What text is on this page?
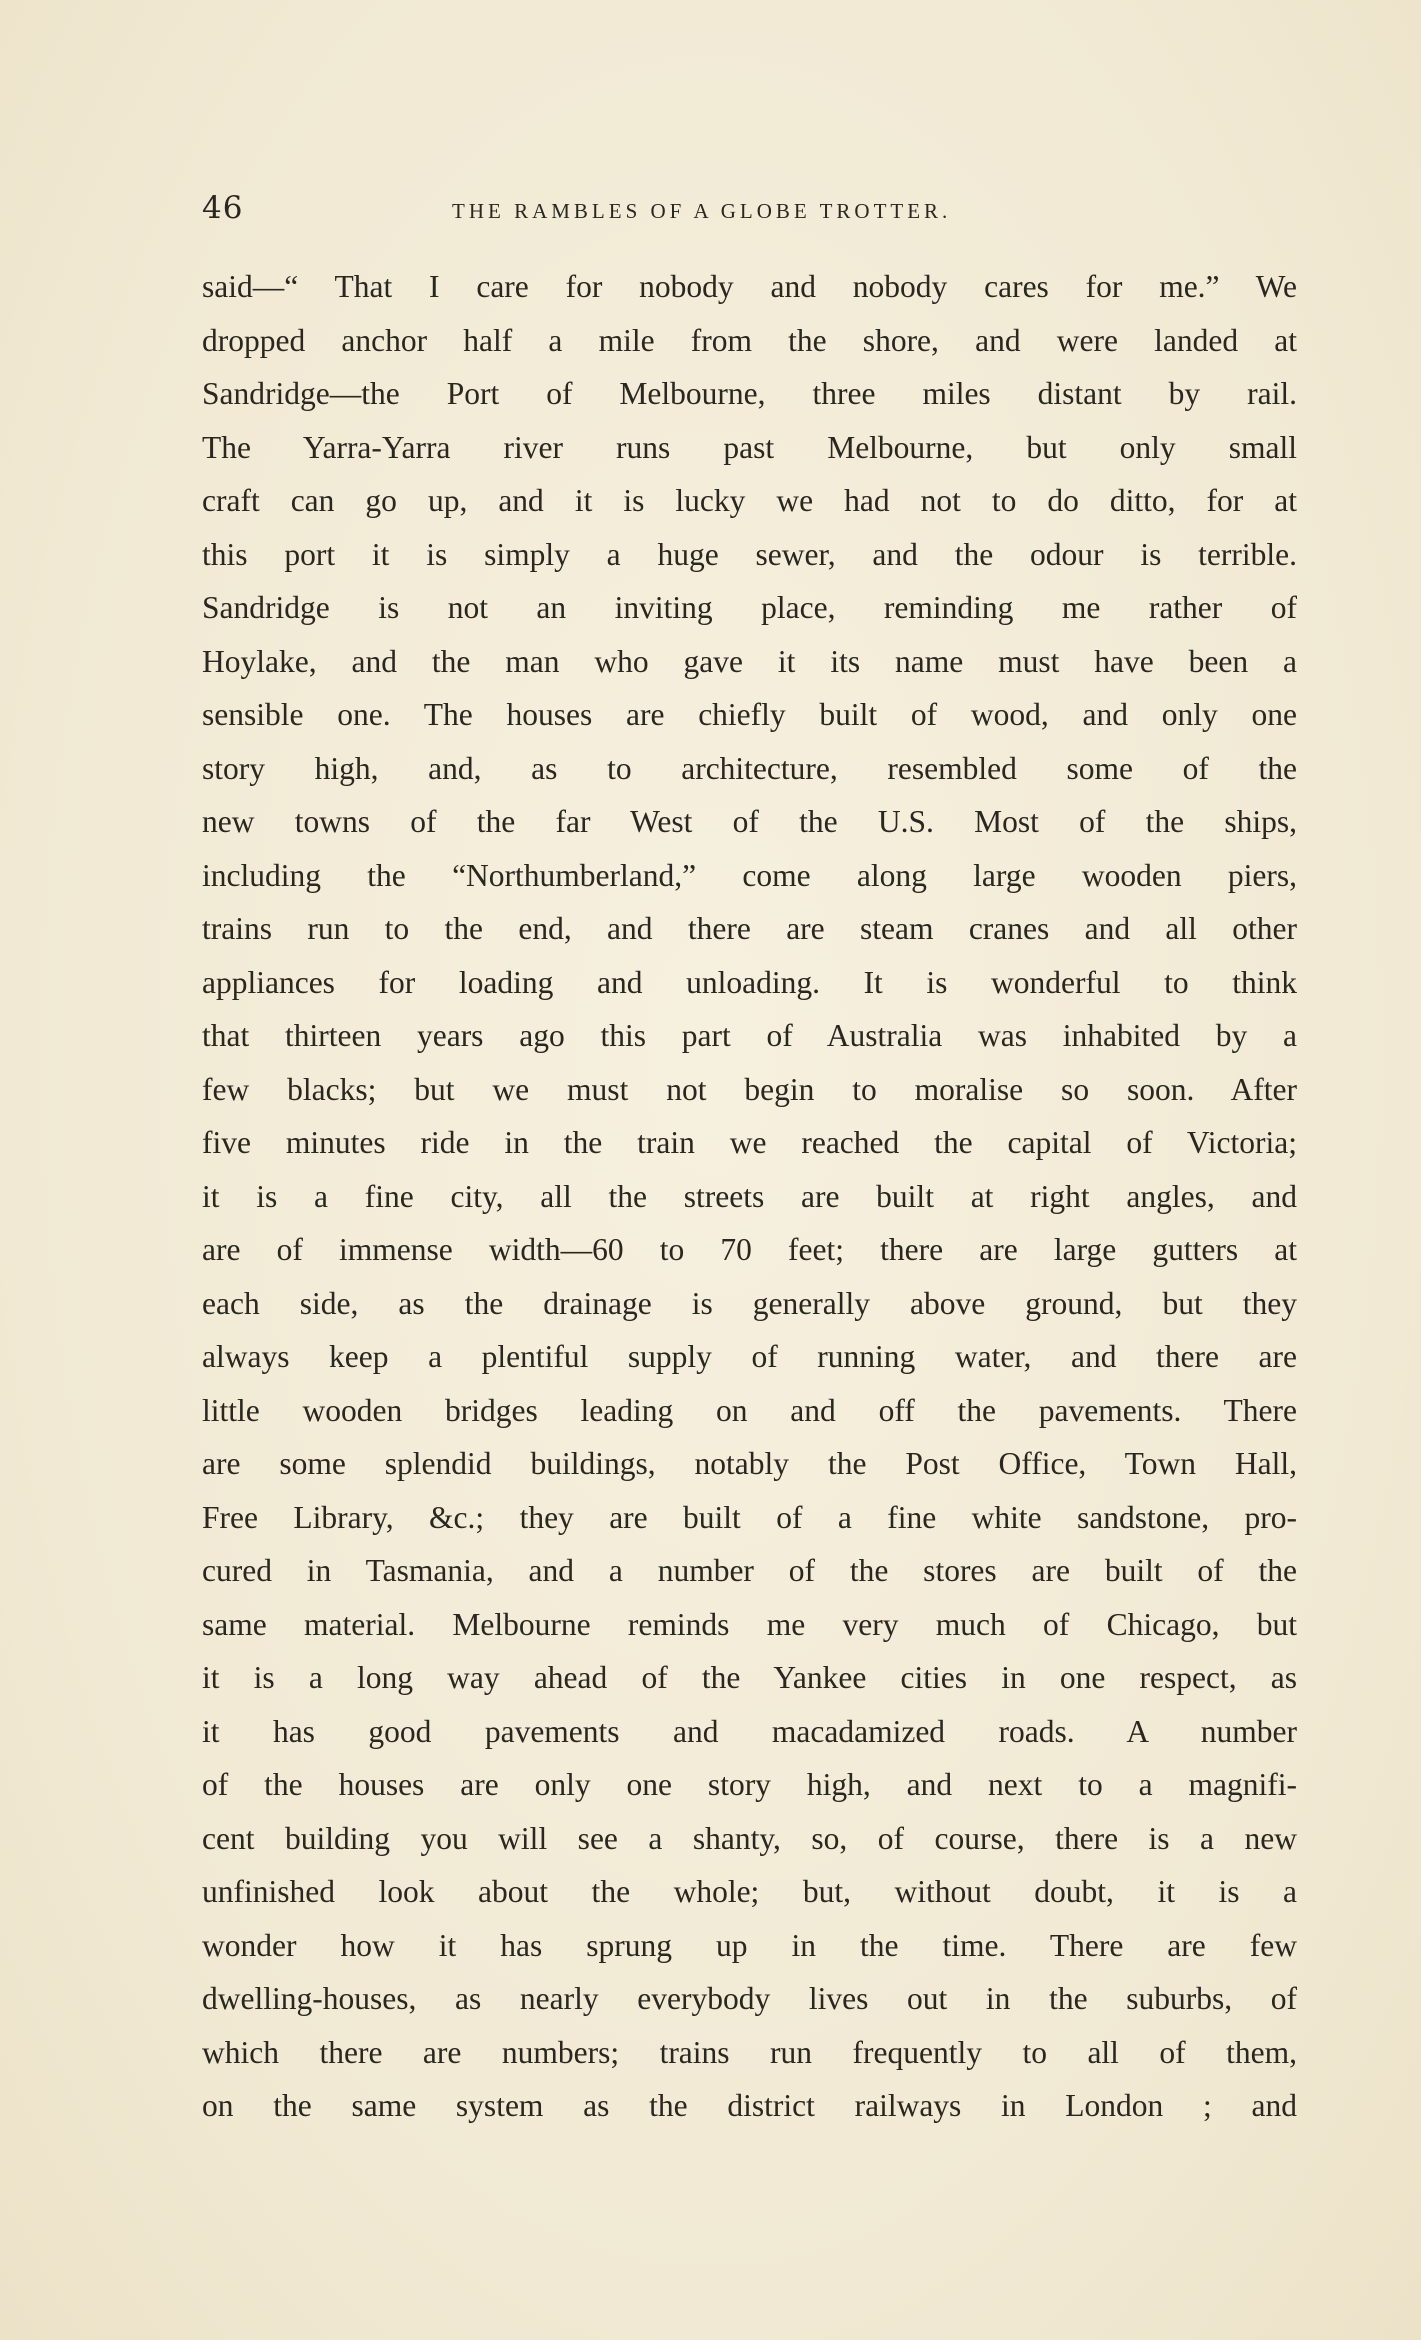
46	THE RAMBLES OF A GLOBE TROTTER.
said—“ That I care for nobody and nobody cares for me.” We
dropped anchor half a mile from the shore, and were landed at
Sandridge—the Port of Melbourne, three miles distant by rail.
The Yarra-Yarra river runs past Melbourne, but only small
craft can go up, and it is lucky we had not to do ditto, for at
this port it is simply a huge sewer, and the odour is terrible.
Sandridge is not an inviting place, reminding me rather of
Hoylake, and the man who gave it its name must have been a
sensible one. The houses are chiefly built of wood, and only one
story high, and, as to architecture, resembled some of the
new towns of the far West of the U.S. Most of the ships,
including the “Northumberland,” come along large wooden piers,
trains run to the end, and there are steam cranes and all other
appliances for loading and unloading. It is wonderful to think
that thirteen years ago this part of Australia was inhabited by a
few blacks; but we must not begin to moralise so soon. After
five minutes ride in the train we reached the capital of Victoria;
it is a fine city, all the streets are built at right angles, and
are of immense width—60 to 70 feet; there are large gutters at
each side, as the drainage is generally above ground, but they
always keep a plentiful supply of running water, and there are
little wooden bridges leading on and off the pavements. There
are some splendid buildings, notably the Post Office, Town Hall,
Free Library, &c.; they are built of a fine white sandstone, pro-
cured in Tasmania, and a number of the stores are built of the
same material. Melbourne reminds me very much of Chicago, but
it is a long way ahead of the Yankee cities in one respect, as
it has good pavements and macadamized roads. A number
of the houses are only one story high, and next to a magnifi-
cent building you will see a shanty, so, of course, there is a new
unfinished look about the whole; but, without doubt, it is a
wonder how it has sprung up in the time. There are few
dwelling-houses, as nearly everybody lives out in the suburbs, of
which there are numbers; trains run frequently to all of them,
on the same system as the district railways in London ; and
